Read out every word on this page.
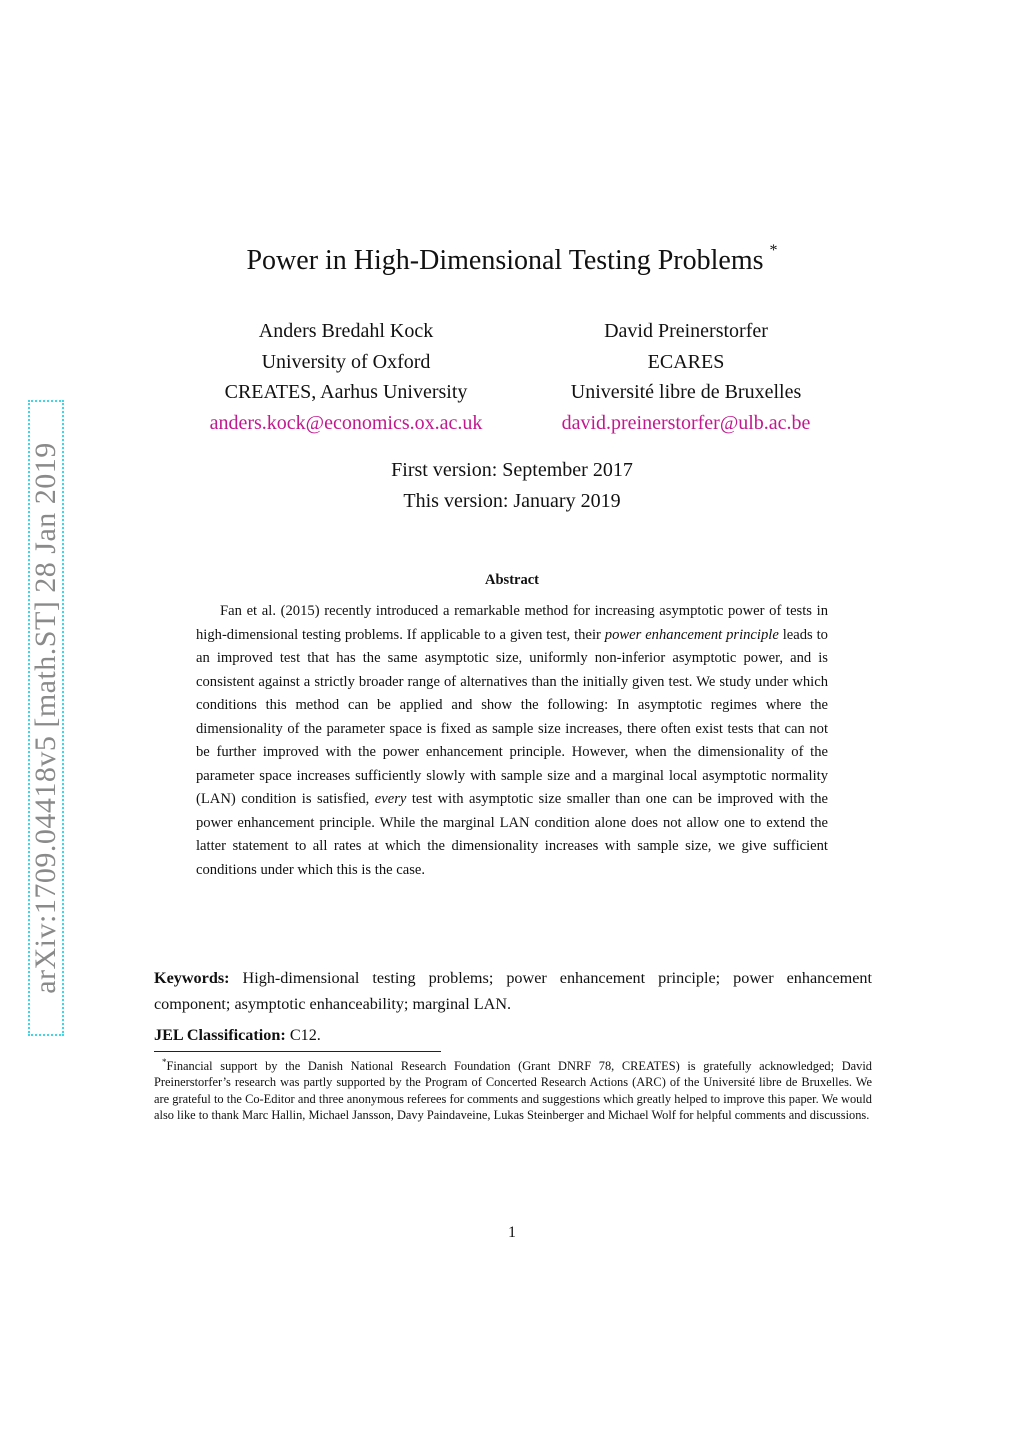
arXiv:1709.04418v5 [math.ST] 28 Jan 2019
Power in High-Dimensional Testing Problems *
Anders Bredahl Kock
University of Oxford
CREATES, Aarhus University
anders.kock@economics.ox.ac.uk
David Preinerstorfer
ECARES
Université libre de Bruxelles
david.preinerstorfer@ulb.ac.be
First version: September 2017
This version: January 2019
Abstract

Fan et al. (2015) recently introduced a remarkable method for increasing asymptotic power of tests in high-dimensional testing problems. If applicable to a given test, their power enhancement principle leads to an improved test that has the same asymptotic size, uniformly non-inferior asymptotic power, and is consistent against a strictly broader range of alternatives than the initially given test. We study under which conditions this method can be applied and show the following: In asymptotic regimes where the dimensionality of the parameter space is fixed as sample size increases, there often exist tests that can not be further improved with the power enhancement principle. However, when the dimensionality of the parameter space increases sufficiently slowly with sample size and a marginal local asymptotic normality (LAN) condition is satisfied, every test with asymptotic size smaller than one can be improved with the power enhancement principle. While the marginal LAN condition alone does not allow one to extend the latter statement to all rates at which the dimensionality increases with sample size, we give sufficient conditions under which this is the case.

Keywords: High-dimensional testing problems; power enhancement principle; power enhancement component; asymptotic enhanceability; marginal LAN.

JEL Classification: C12.

*Financial support by the Danish National Research Foundation (Grant DNRF 78, CREATES) is gratefully acknowledged; David Preinerstorfer’s research was partly supported by the Program of Concerted Research Actions (ARC) of the Université libre de Bruxelles. We are grateful to the Co-Editor and three anonymous referees for comments and suggestions which greatly helped to improve this paper. We would also like to thank Marc Hallin, Michael Jansson, Davy Paindaveine, Lukas Steinberger and Michael Wolf for helpful comments and discussions.

1
